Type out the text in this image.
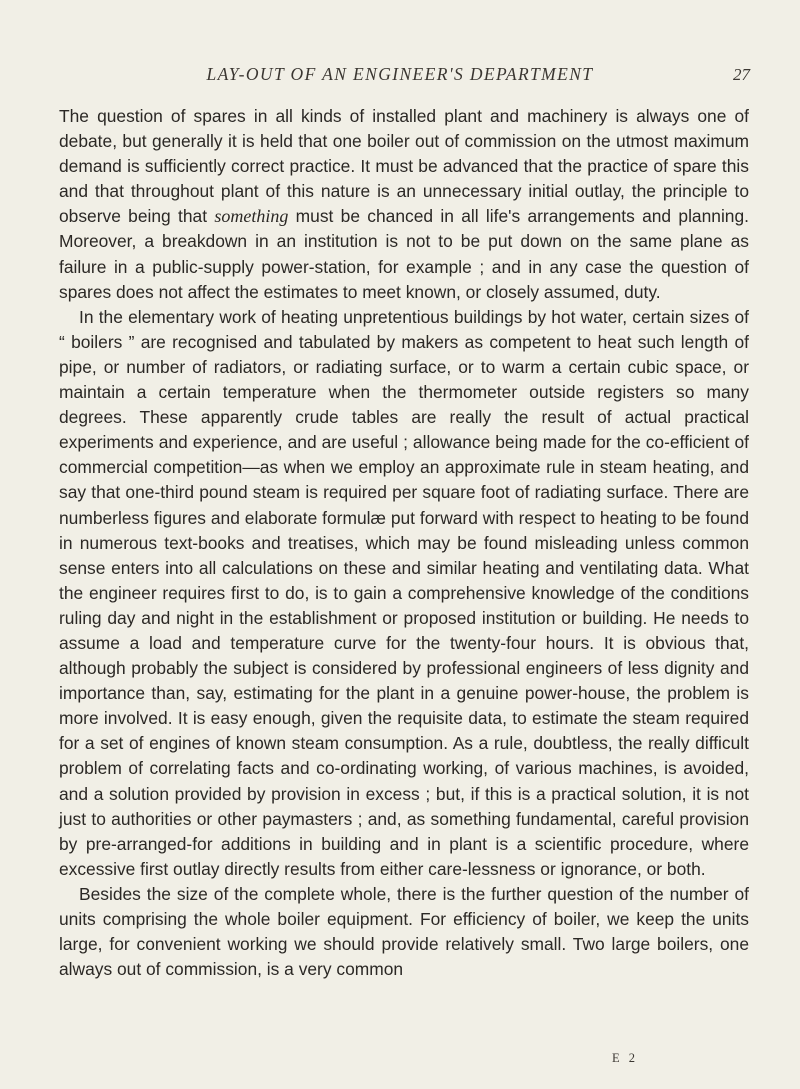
LAY-OUT OF AN ENGINEER'S DEPARTMENT	27

The question of spares in all kinds of installed plant and machinery is always one of debate, but generally it is held that one boiler out of commission on the utmost maximum demand is sufficiently correct practice. It must be advanced that the practice of spare this and that throughout plant of this nature is an unnecessary initial outlay, the principle to observe being that something must be chanced in all life's arrangements and planning. Moreover, a breakdown in an institution is not to be put down on the same plane as failure in a public-supply power-station, for example ; and in any case the question of spares does not affect the estimates to meet known, or closely assumed, duty.

In the elementary work of heating unpretentious buildings by hot water, certain sizes of “ boilers ” are recognised and tabulated by makers as competent to heat such length of pipe, or number of radiators, or radiating surface, or to warm a certain cubic space, or maintain a certain temperature when the thermometer outside registers so many degrees. These apparently crude tables are really the result of actual practical experiments and experience, and are useful ; allowance being made for the co-efficient of commercial competition—as when we employ an approximate rule in steam heating, and say that one-third pound steam is required per square foot of radiating surface. There are numberless figures and elaborate formulæ put forward with respect to heating to be found in numerous text-books and treatises, which may be found misleading unless common sense enters into all calculations on these and similar heating and ventilating data. What the engineer requires first to do, is to gain a comprehensive knowledge of the conditions ruling day and night in the establishment or proposed institution or building. He needs to assume a load and temperature curve for the twenty-four hours. It is obvious that, although probably the subject is considered by professional engineers of less dignity and importance than, say, estimating for the plant in a genuine power-house, the problem is more involved. It is easy enough, given the requisite data, to estimate the steam required for a set of engines of known steam consumption. As a rule, doubtless, the really difficult problem of correlating facts and co-ordinating working, of various machines, is avoided, and a solution provided by provision in excess ; but, if this is a practical solution, it is not just to authorities or other paymasters ; and, as something fundamental, careful provision by pre-arranged-for additions in building and in plant is a scientific procedure, where excessive first outlay directly results from either care-lessness or ignorance, or both.

Besides the size of the complete whole, there is the further question of the number of units comprising the whole boiler equipment. For efficiency of boiler, we keep the units large, for convenient working we should provide relatively small. Two large boilers, one always out of commission, is a very common

E 2
